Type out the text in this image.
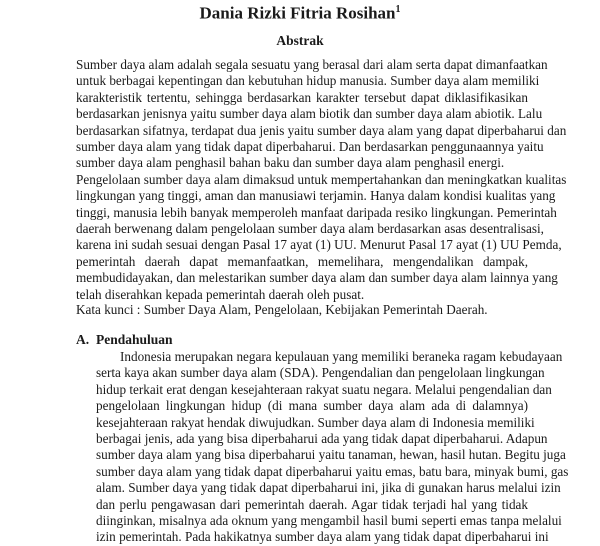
Dania Rizki Fitria Rosihan$^1$
Abstrak
Sumber daya alam adalah segala sesuatu yang berasal dari alam serta dapat dimanfaatkan
untuk berbagai kepentingan dan kebutuhan hidup manusia. Sumber daya alam memiliki
karakteristik tertentu, sehingga berdasarkan karakter tersebut dapat diklasifikasikan
berdasarkan jenisnya yaitu sumber daya alam biotik dan sumber daya alam abiotik. Lalu
berdasarkan sifatnya, terdapat dua jenis yaitu sumber daya alam yang dapat diperbaharui dan
sumber daya alam yang tidak dapat diperbaharui. Dan berdasarkan penggunaannya yaitu
sumber daya alam penghasil bahan baku dan sumber daya alam penghasil energi.
Pengelolaan sumber daya alam dimaksud untuk mempertahankan dan meningkatkan kualitas
lingkungan yang tinggi, aman dan manusiawi terjamin. Hanya dalam kondisi kualitas yang
tinggi, manusia lebih banyak memperoleh manfaat daripada resiko lingkungan. Pemerintah
daerah berwenang dalam pengelolaan sumber daya alam berdasarkan asas desentralisasi,
karena ini sudah sesuai dengan Pasal 17 ayat (1) UU. Menurut Pasal 17 ayat (1) UU Pemda,
pemerintah daerah dapat memanfaatkan, memelihara, mengendalikan dampak,
membudidayakan, dan melestarikan sumber daya alam dan sumber daya alam lainnya yang
telah diserahkan kepada pemerintah daerah oleh pusat.
Kata kunci : Sumber Daya Alam, Pengelolaan, Kebijakan Pemerintah Daerah.
A. Pendahuluan
Indonesia merupakan negara kepulauan yang memiliki beraneka ragam kebudayaan
serta kaya akan sumber daya alam (SDA). Pengendalian dan pengelolaan lingkungan
hidup terkait erat dengan kesejahteraan rakyat suatu negara. Melalui pengendalian dan
pengelolaan lingkungan hidup (di mana sumber daya alam ada di dalamnya)
kesejahteraan rakyat hendak diwujudkan. Sumber daya alam di Indonesia memiliki
berbagai jenis, ada yang bisa diperbaharui ada yang tidak dapat diperbaharui. Adapun
sumber daya alam yang bisa diperbaharui yaitu tanaman, hewan, hasil hutan. Begitu juga
sumber daya alam yang tidak dapat diperbaharui yaitu emas, batu bara, minyak bumi, gas
alam. Sumber daya yang tidak dapat diperbaharui ini, jika di gunakan harus melalui izin
dan perlu pengawasan dari pemerintah daerah. Agar tidak terjadi hal yang tidak
diinginkan, misalnya ada oknum yang mengambil hasil bumi seperti emas tanpa melalui
izin pemerintah. Pada hakikatnya sumber daya alam yang tidak dapat diperbaharui ini
